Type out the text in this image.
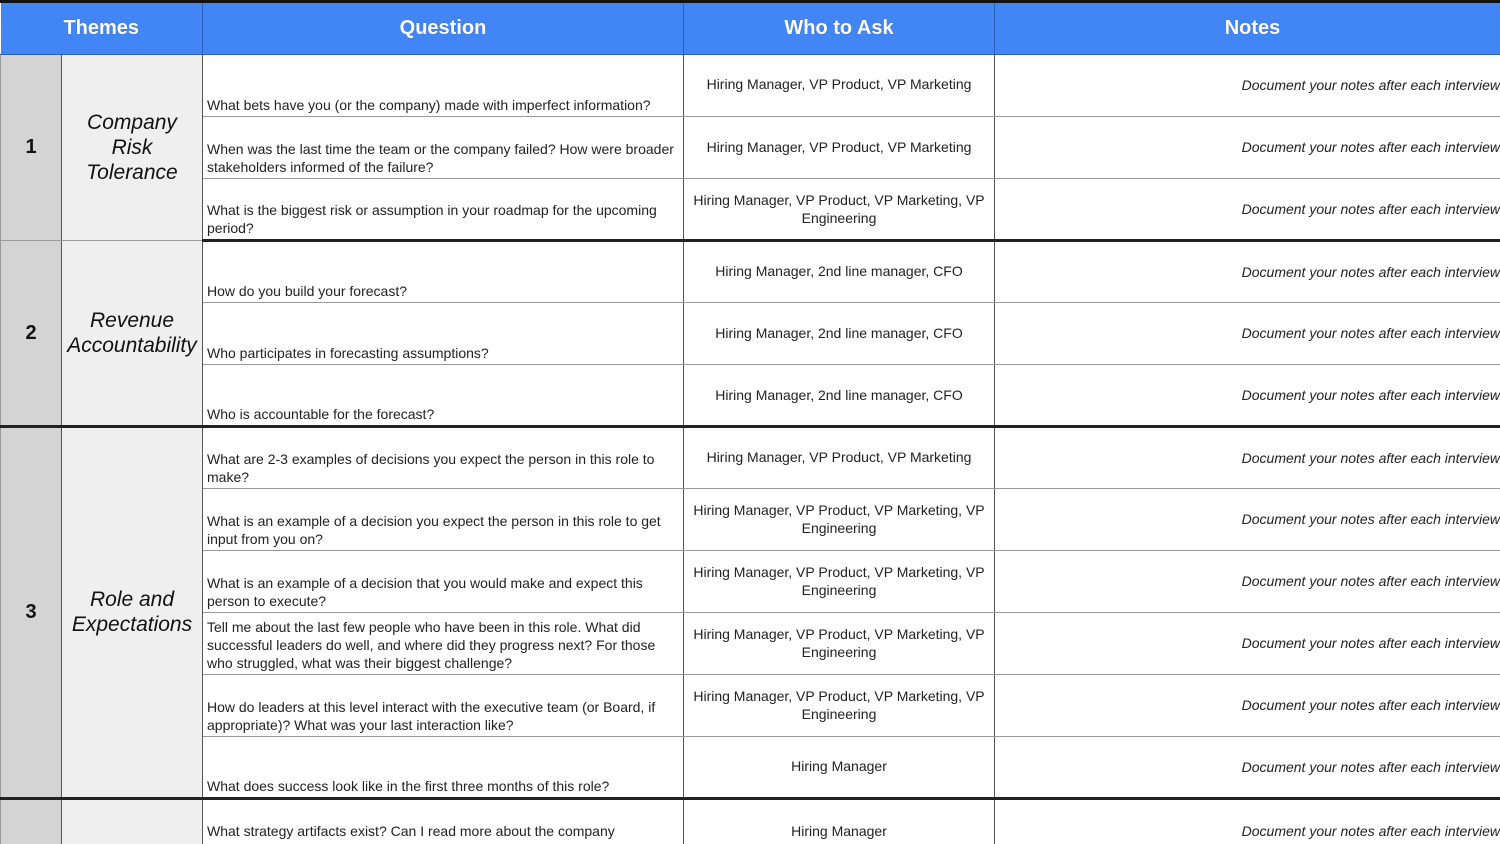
Themes		Question	Who to Ask	Notes
1	Company Risk Tolerance	What bets have you (or the company) made with imperfect information?	Hiring Manager, VP Product, VP Marketing	Document your notes after each interview
		When was the last time the team or the company failed? How were broader stakeholders informed of the failure?	Hiring Manager, VP Product, VP Marketing	Document your notes after each interview
		What is the biggest risk or assumption in your roadmap for the upcoming period?	Hiring Manager, VP Product, VP Marketing, VP Engineering	Document your notes after each interview
2	Revenue Accountability	How do you build your forecast?	Hiring Manager, 2nd line manager, CFO	Document your notes after each interview
		Who participates in forecasting assumptions?	Hiring Manager, 2nd line manager, CFO	Document your notes after each interview
		Who is accountable for the forecast?	Hiring Manager, 2nd line manager, CFO	Document your notes after each interview
3	Role and Expectations	What are 2-3 examples of decisions you expect the person in this role to make?	Hiring Manager, VP Product, VP Marketing	Document your notes after each interview
		What is an example of a decision you expect the person in this role to get input from you on?	Hiring Manager, VP Product, VP Marketing, VP Engineering	Document your notes after each interview
		What is an example of a decision that you would make and expect this person to execute?	Hiring Manager, VP Product, VP Marketing, VP Engineering	Document your notes after each interview
		Tell me about the last few people who have been in this role. What did successful leaders do well, and where did they progress next? For those who struggled, what was their biggest challenge?	Hiring Manager, VP Product, VP Marketing, VP Engineering	Document your notes after each interview
		How do leaders at this level interact with the executive team (or Board, if appropriate)? What was your last interaction like?	Hiring Manager, VP Product, VP Marketing, VP Engineering	Document your notes after each interview
		What does success look like in the first three months of this role?	Hiring Manager	Document your notes after each interview
		What strategy artifacts exist? Can I read more about the company	Hiring Manager	Document your notes after each interview
